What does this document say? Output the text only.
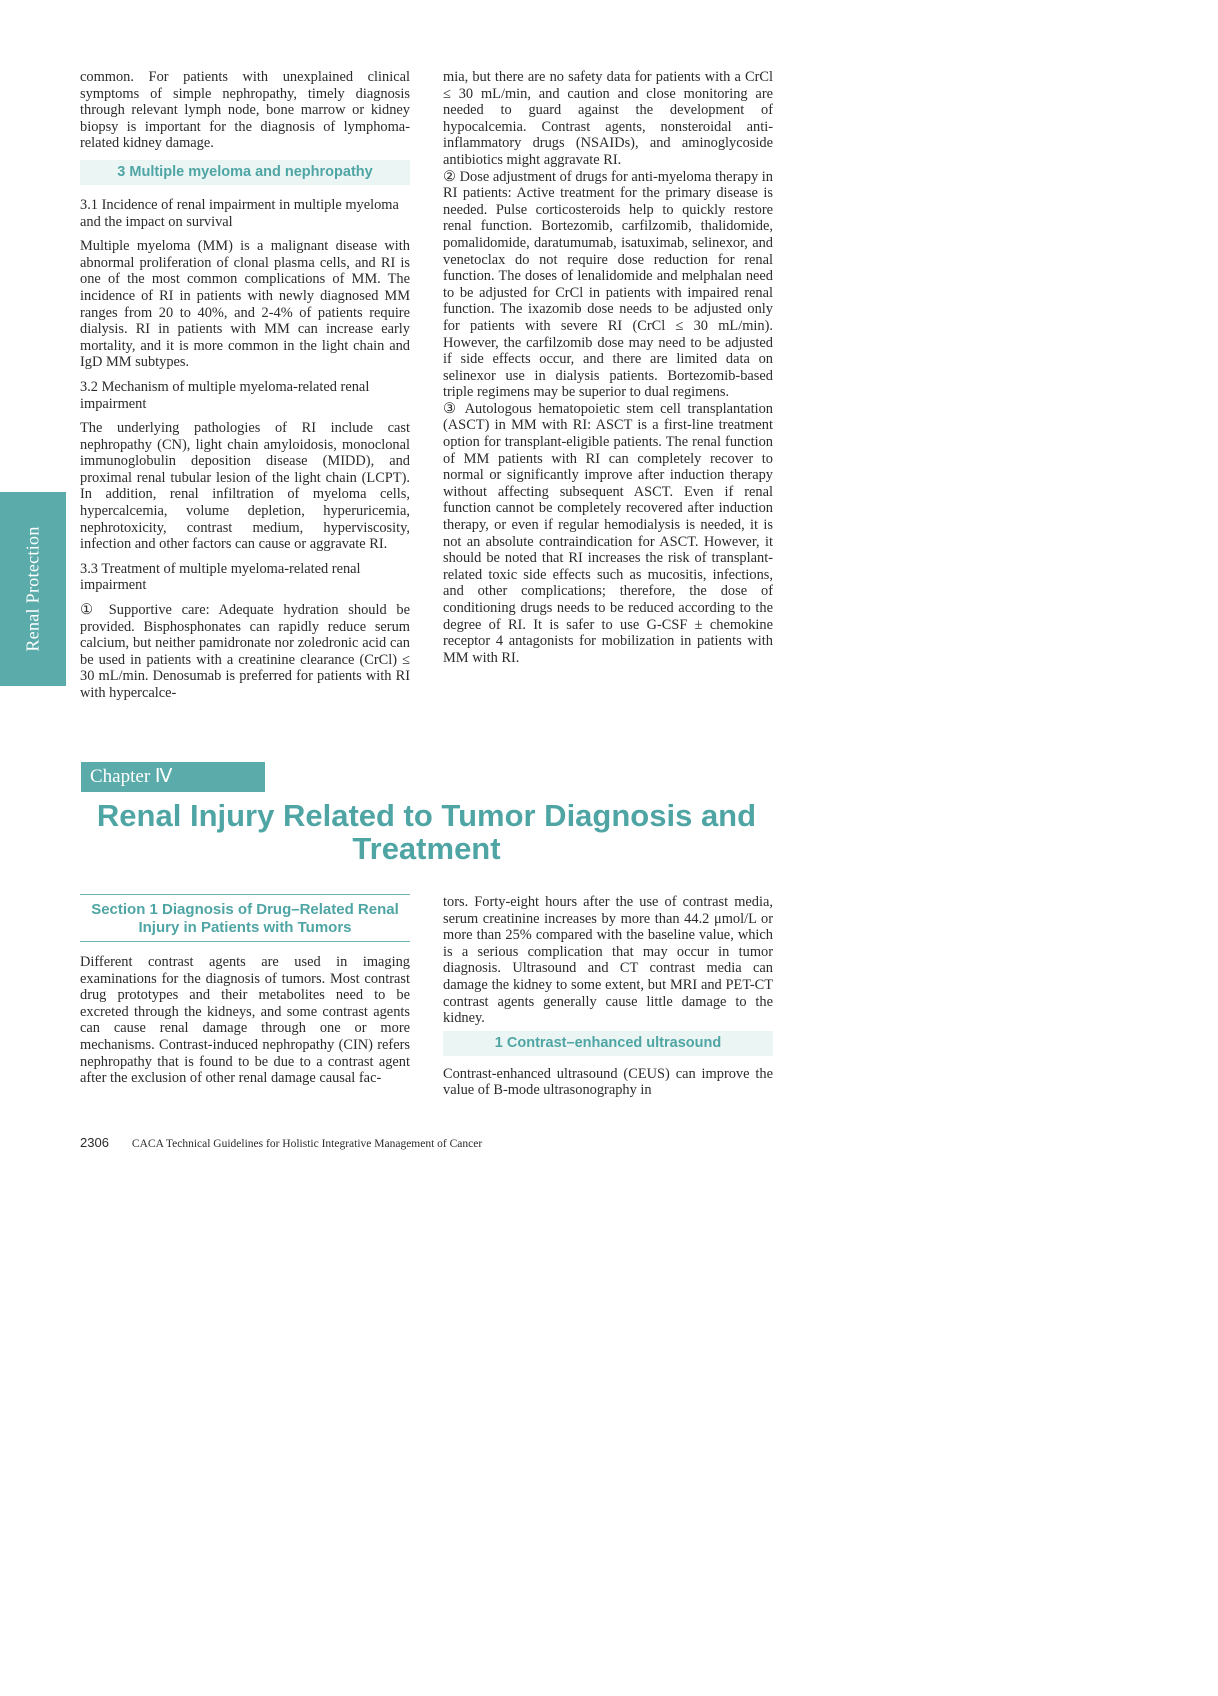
Renal Protection

common. For patients with unexplained clinical symptoms of simple nephropathy, timely diagnosis through relevant lymph node, bone marrow or kidney biopsy is important for the diagnosis of lymphoma-related kidney damage.

3 Multiple myeloma and nephropathy

3.1 Incidence of renal impairment in multiple myeloma and the impact on survival

Multiple myeloma (MM) is a malignant disease with abnormal proliferation of clonal plasma cells, and RI is one of the most common complications of MM. The incidence of RI in patients with newly diagnosed MM ranges from 20 to 40%, and 2-4% of patients require dialysis. RI in patients with MM can increase early mortality, and it is more common in the light chain and IgD MM subtypes.

3.2 Mechanism of multiple myeloma-related renal impairment

The underlying pathologies of RI include cast nephropathy (CN), light chain amyloidosis, monoclonal immunoglobulin deposition disease (MIDD), and proximal renal tubular lesion of the light chain (LCPT). In addition, renal infiltration of myeloma cells, hypercalcemia, volume depletion, hyperuricemia, nephrotoxicity, contrast medium, hyperviscosity, infection and other factors can cause or aggravate RI.

3.3 Treatment of multiple myeloma-related renal impairment

① Supportive care: Adequate hydration should be provided. Bisphosphonates can rapidly reduce serum calcium, but neither pamidronate nor zoledronic acid can be used in patients with a creatinine clearance (CrCl) ≤ 30 mL/min. Denosumab is preferred for patients with RI with hypercalce-

mia, but there are no safety data for patients with a CrCl ≤ 30 mL/min, and caution and close monitoring are needed to guard against the development of hypocalcemia. Contrast agents, nonsteroidal anti-inflammatory drugs (NSAIDs), and aminoglycoside antibiotics might aggravate RI.

② Dose adjustment of drugs for anti-myeloma therapy in RI patients: Active treatment for the primary disease is needed. Pulse corticosteroids help to quickly restore renal function. Bortezomib, carfilzomib, thalidomide, pomalidomide, daratumumab, isatuximab, selinexor, and venetoclax do not require dose reduction for renal function. The doses of lenalidomide and melphalan need to be adjusted for CrCl in patients with impaired renal function. The ixazomib dose needs to be adjusted only for patients with severe RI (CrCl ≤ 30 mL/min). However, the carfilzomib dose may need to be adjusted if side effects occur, and there are limited data on selinexor use in dialysis patients. Bortezomib-based triple regimens may be superior to dual regimens.

③ Autologous hematopoietic stem cell transplantation (ASCT) in MM with RI: ASCT is a first-line treatment option for transplant-eligible patients. The renal function of MM patients with RI can completely recover to normal or significantly improve after induction therapy without affecting subsequent ASCT. Even if renal function cannot be completely recovered after induction therapy, or even if regular hemodialysis is needed, it is not an absolute contraindication for ASCT. However, it should be noted that RI increases the risk of transplant-related toxic side effects such as mucositis, infections, and other complications; therefore, the dose of conditioning drugs needs to be reduced according to the degree of RI. It is safer to use G-CSF ± chemokine receptor 4 antagonists for mobilization in patients with MM with RI.

Chapter Ⅳ
Renal Injury Related to Tumor Diagnosis and Treatment
Section 1 Diagnosis of Drug–Related Renal Injury in Patients with Tumors

Different contrast agents are used in imaging examinations for the diagnosis of tumors. Most contrast drug prototypes and their metabolites need to be excreted through the kidneys, and some contrast agents can cause renal damage through one or more mechanisms. Contrast-induced nephropathy (CIN) refers nephropathy that is found to be due to a contrast agent after the exclusion of other renal damage causal fac-

tors. Forty-eight hours after the use of contrast media, serum creatinine increases by more than 44.2 μmol/L or more than 25% compared with the baseline value, which is a serious complication that may occur in tumor diagnosis. Ultrasound and CT contrast media can damage the kidney to some extent, but MRI and PET-CT contrast agents generally cause little damage to the kidney.

1 Contrast–enhanced ultrasound

Contrast-enhanced ultrasound (CEUS) can improve the value of B-mode ultrasonography in

2306 CACA Technical Guidelines for Holistic Integrative Management of Cancer
